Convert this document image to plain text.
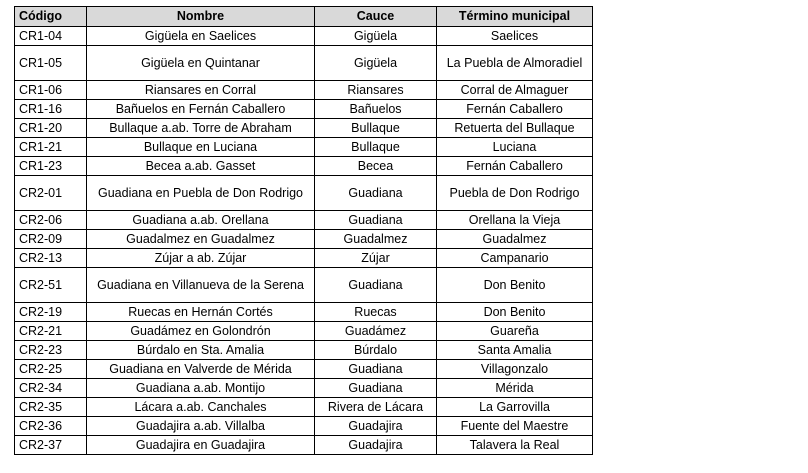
Código	Nombre	Cauce	Término municipal
CR1-04	Gigüela en Saelices	Gigüela	Saelices
CR1-05	Gigüela en Quintanar	Gigüela	La Puebla de Almoradiel
CR1-06	Riansares en Corral	Riansares	Corral de Almaguer
CR1-16	Bañuelos en Fernán Caballero	Bañuelos	Fernán Caballero
CR1-20	Bullaque a.ab. Torre de Abraham	Bullaque	Retuerta del Bullaque
CR1-21	Bullaque en Luciana	Bullaque	Luciana
CR1-23	Becea a.ab. Gasset	Becea	Fernán Caballero
CR2-01	Guadiana en Puebla de Don Rodrigo	Guadiana	Puebla de Don Rodrigo
CR2-06	Guadiana a.ab. Orellana	Guadiana	Orellana la Vieja
CR2-09	Guadalmez en Guadalmez	Guadalmez	Guadalmez
CR2-13	Zújar a ab. Zújar	Zújar	Campanario
CR2-51	Guadiana en Villanueva de la Serena	Guadiana	Don Benito
CR2-19	Ruecas en Hernán Cortés	Ruecas	Don Benito
CR2-21	Guadámez en Golondrón	Guadámez	Guareña
CR2-23	Búrdalo en Sta. Amalia	Búrdalo	Santa Amalia
CR2-25	Guadiana en Valverde de Mérida	Guadiana	Villagonzalo
CR2-34	Guadiana a.ab. Montijo	Guadiana	Mérida
CR2-35	Lácara a.ab. Canchales	Rivera de Lácara	La Garrovilla
CR2-36	Guadajira a.ab. Villalba	Guadajira	Fuente del Maestre
CR2-37	Guadajira en Guadajira	Guadajira	Talavera la Real
